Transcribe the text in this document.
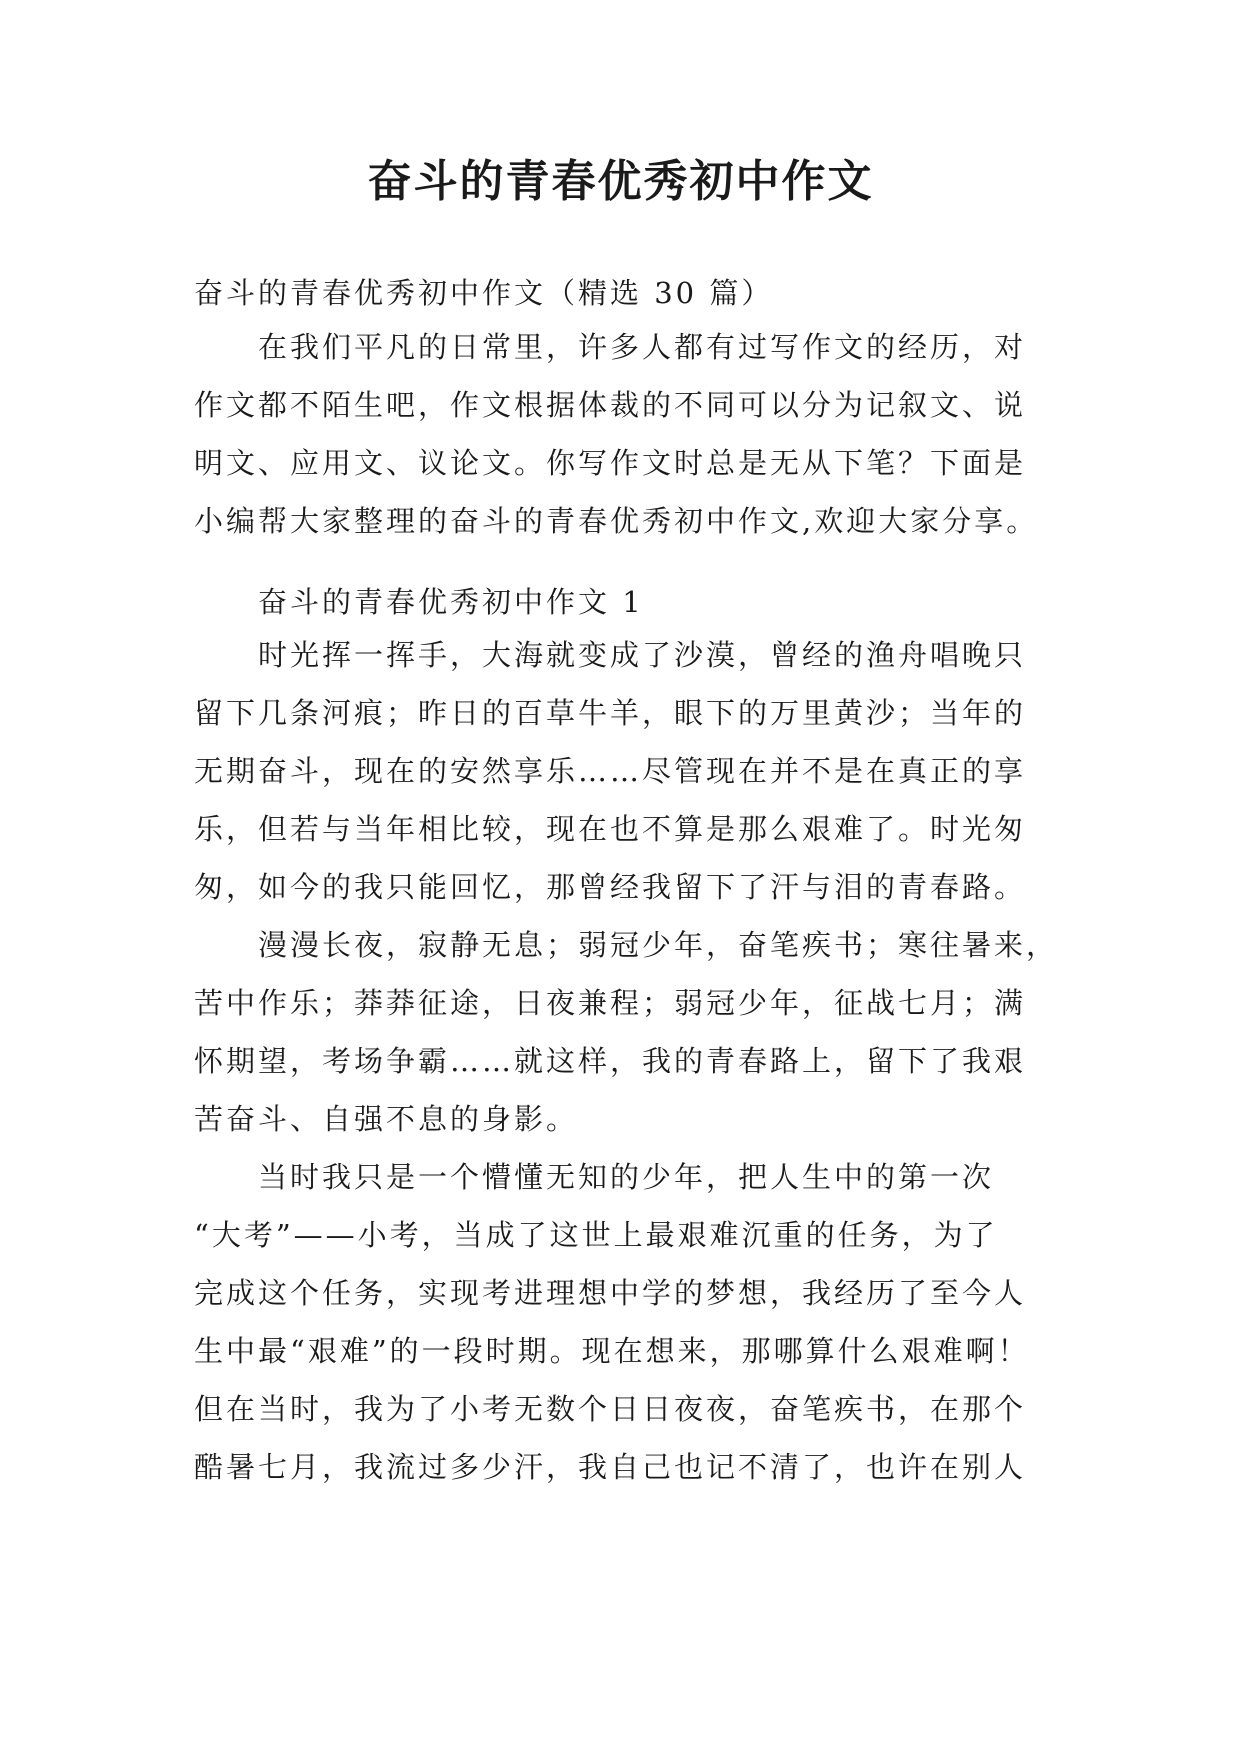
奋斗的青春优秀初中作文
奋斗的青春优秀初中作文（精选 30 篇）
在我们平凡的日常里，许多人都有过写作文的经历，对
作文都不陌生吧，作文根据体裁的不同可以分为记叙文、说
明文、应用文、议论文。你写作文时总是无从下笔？下面是
小编帮大家整理的奋斗的青春优秀初中作文,欢迎大家分享。
奋斗的青春优秀初中作文 1
时光挥一挥手，大海就变成了沙漠，曾经的渔舟唱晚只
留下几条河痕；昨日的百草牛羊，眼下的万里黄沙；当年的
无期奋斗，现在的安然享乐……尽管现在并不是在真正的享
乐，但若与当年相比较，现在也不算是那么艰难了。时光匆
匆，如今的我只能回忆，那曾经我留下了汗与泪的青春路。
漫漫长夜，寂静无息；弱冠少年，奋笔疾书；寒往暑来，
苦中作乐；莽莽征途，日夜兼程；弱冠少年，征战七月；满
怀期望，考场争霸……就这样，我的青春路上，留下了我艰
苦奋斗、自强不息的身影。
当时我只是一个懵懂无知的少年，把人生中的第一次
“大考”——小考，当成了这世上最艰难沉重的任务，为了
完成这个任务，实现考进理想中学的梦想，我经历了至今人
生中最“艰难”的一段时期。现在想来，那哪算什么艰难啊！
但在当时，我为了小考无数个日日夜夜，奋笔疾书，在那个
酷暑七月，我流过多少汗，我自己也记不清了，也许在别人
